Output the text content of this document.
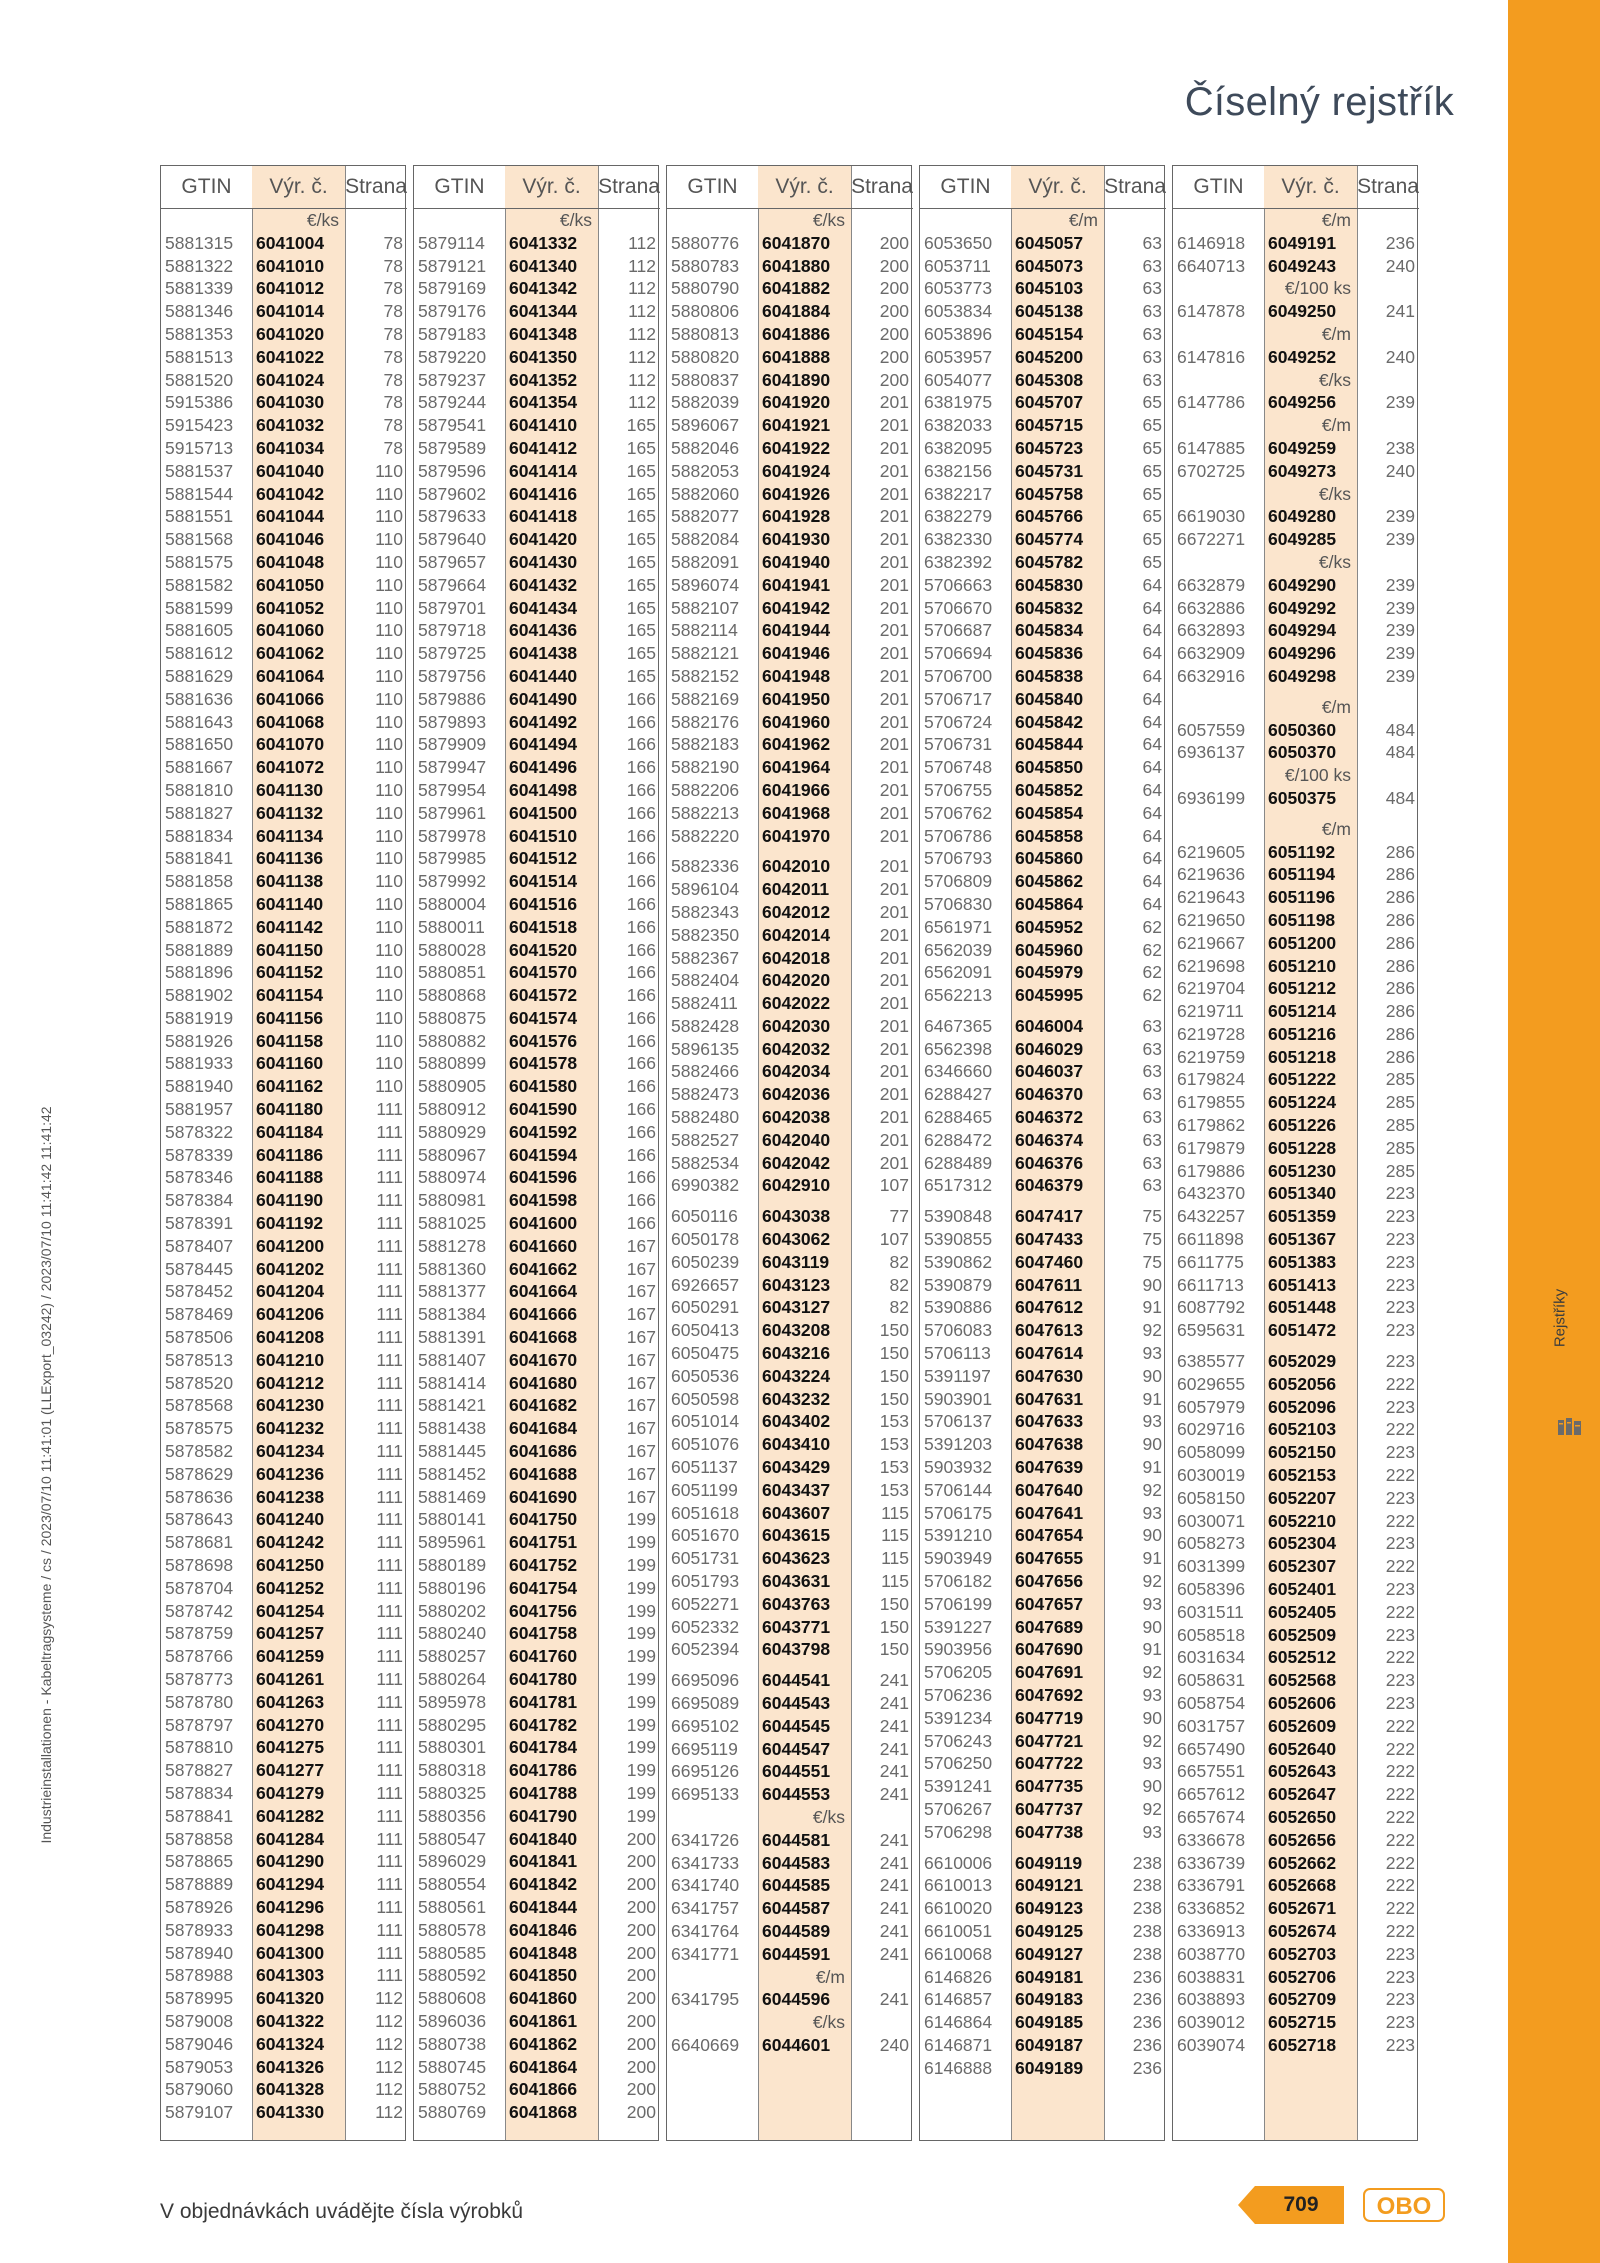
Rejstříky
Číselný rejstřík
Industrieinstallationen - Kabeltragsysteme / cs / 2023/07/10 11:41:01 (LLExport_03242) / 2023/07/10 11:41:42 11:41:42
GTIN	Výr. č.	Strana
€/ks		
5881315	6041004	78
5881322	6041010	78
5881339	6041012	78
5881346	6041014	78
5881353	6041020	78
5881513	6041022	78
5881520	6041024	78
5915386	6041030	78
5915423	6041032	78
5915713	6041034	78
5881537	6041040	110
5881544	6041042	110
5881551	6041044	110
5881568	6041046	110
5881575	6041048	110
5881582	6041050	110
5881599	6041052	110
5881605	6041060	110
5881612	6041062	110
5881629	6041064	110
5881636	6041066	110
5881643	6041068	110
5881650	6041070	110
5881667	6041072	110
5881810	6041130	110
5881827	6041132	110
5881834	6041134	110
5881841	6041136	110
5881858	6041138	110
5881865	6041140	110
5881872	6041142	110
5881889	6041150	110
5881896	6041152	110
5881902	6041154	110
5881919	6041156	110
5881926	6041158	110
5881933	6041160	110
5881940	6041162	110
5881957	6041180	111
5878322	6041184	111
5878339	6041186	111
5878346	6041188	111
5878384	6041190	111
5878391	6041192	111
5878407	6041200	111
5878445	6041202	111
5878452	6041204	111
5878469	6041206	111
5878506	6041208	111
5878513	6041210	111
5878520	6041212	111
5878568	6041230	111
5878575	6041232	111
5878582	6041234	111
5878629	6041236	111
5878636	6041238	111
5878643	6041240	111
5878681	6041242	111
5878698	6041250	111
5878704	6041252	111
5878742	6041254	111
5878759	6041257	111
5878766	6041259	111
5878773	6041261	111
5878780	6041263	111
5878797	6041270	111
5878810	6041275	111
5878827	6041277	111
5878834	6041279	111
5878841	6041282	111
5878858	6041284	111
5878865	6041290	111
5878889	6041294	111
5878926	6041296	111
5878933	6041298	111
5878940	6041300	111
5878988	6041303	111
5878995	6041320	112
5879008	6041322	112
5879046	6041324	112
5879053	6041326	112
5879060	6041328	112
5879107	6041330	112
GTIN	Výr. č.	Strana
€/ks		
5879114	6041332	112
5879121	6041340	112
5879169	6041342	112
5879176	6041344	112
5879183	6041348	112
5879220	6041350	112
5879237	6041352	112
5879244	6041354	112
5879541	6041410	165
5879589	6041412	165
5879596	6041414	165
5879602	6041416	165
5879633	6041418	165
5879640	6041420	165
5879657	6041430	165
5879664	6041432	165
5879701	6041434	165
5879718	6041436	165
5879725	6041438	165
5879756	6041440	165
5879886	6041490	166
5879893	6041492	166
5879909	6041494	166
5879947	6041496	166
5879954	6041498	166
5879961	6041500	166
5879978	6041510	166
5879985	6041512	166
5879992	6041514	166
5880004	6041516	166
5880011	6041518	166
5880028	6041520	166
5880851	6041570	166
5880868	6041572	166
5880875	6041574	166
5880882	6041576	166
5880899	6041578	166
5880905	6041580	166
5880912	6041590	166
5880929	6041592	166
5880967	6041594	166
5880974	6041596	166
5880981	6041598	166
5881025	6041600	166
5881278	6041660	167
5881360	6041662	167
5881377	6041664	167
5881384	6041666	167
5881391	6041668	167
5881407	6041670	167
5881414	6041680	167
5881421	6041682	167
5881438	6041684	167
5881445	6041686	167
5881452	6041688	167
5881469	6041690	167
5880141	6041750	199
5895961	6041751	199
5880189	6041752	199
5880196	6041754	199
5880202	6041756	199
5880240	6041758	199
5880257	6041760	199
5880264	6041780	199
5895978	6041781	199
5880295	6041782	199
5880301	6041784	199
5880318	6041786	199
5880325	6041788	199
5880356	6041790	199
5880547	6041840	200
5896029	6041841	200
5880554	6041842	200
5880561	6041844	200
5880578	6041846	200
5880585	6041848	200
5880592	6041850	200
5880608	6041860	200
5896036	6041861	200
5880738	6041862	200
5880745	6041864	200
5880752	6041866	200
5880769	6041868	200
GTIN	Výr. č.	Strana
€/ks		
5880776	6041870	200
5880783	6041880	200
5880790	6041882	200
5880806	6041884	200
5880813	6041886	200
5880820	6041888	200
5880837	6041890	200
5882039	6041920	201
5896067	6041921	201
5882046	6041922	201
5882053	6041924	201
5882060	6041926	201
5882077	6041928	201
5882084	6041930	201
5882091	6041940	201
5896074	6041941	201
5882107	6041942	201
5882114	6041944	201
5882121	6041946	201
5882152	6041948	201
5882169	6041950	201
5882176	6041960	201
5882183	6041962	201
5882190	6041964	201
5882206	6041966	201
5882213	6041968	201
5882220	6041970	201

5882336	6042010	201
5896104	6042011	201
5882343	6042012	201
5882350	6042014	201
5882367	6042018	201
5882404	6042020	201
5882411	6042022	201
5882428	6042030	201
5896135	6042032	201
5882466	6042034	201
5882473	6042036	201
5882480	6042038	201
5882527	6042040	201
5882534	6042042	201
6990382	6042910	107

6050116	6043038	77
6050178	6043062	107
6050239	6043119	82
6926657	6043123	82
6050291	6043127	82
6050413	6043208	150
6050475	6043216	150
6050536	6043224	150
6050598	6043232	150
6051014	6043402	153
6051076	6043410	153
6051137	6043429	153
6051199	6043437	153
6051618	6043607	115
6051670	6043615	115
6051731	6043623	115
6051793	6043631	115
6052271	6043763	150
6052332	6043771	150
6052394	6043798	150

6695096	6044541	241
6695089	6044543	241
6695102	6044545	241
6695119	6044547	241
6695126	6044551	241
6695133	6044553	241
€/ks		
6341726	6044581	241
6341733	6044583	241
6341740	6044585	241
6341757	6044587	241
6341764	6044589	241
6341771	6044591	241
€/m		
6341795	6044596	241
€/ks		
6640669	6044601	240
GTIN	Výr. č.	Strana
€/m		
6053650	6045057	63
6053711	6045073	63
6053773	6045103	63
6053834	6045138	63
6053896	6045154	63
6053957	6045200	63
6054077	6045308	63
6381975	6045707	65
6382033	6045715	65
6382095	6045723	65
6382156	6045731	65
6382217	6045758	65
6382279	6045766	65
6382330	6045774	65
6382392	6045782	65
5706663	6045830	64
5706670	6045832	64
5706687	6045834	64
5706694	6045836	64
5706700	6045838	64
5706717	6045840	64
5706724	6045842	64
5706731	6045844	64
5706748	6045850	64
5706755	6045852	64
5706762	6045854	64
5706786	6045858	64
5706793	6045860	64
5706809	6045862	64
5706830	6045864	64
6561971	6045952	62
6562039	6045960	62
6562091	6045979	62
6562213	6045995	62

6467365	6046004	63
6562398	6046029	63
6346660	6046037	63
6288427	6046370	63
6288465	6046372	63
6288472	6046374	63
6288489	6046376	63
6517312	6046379	63

5390848	6047417	75
5390855	6047433	75
5390862	6047460	75
5390879	6047611	90
5390886	6047612	91
5706083	6047613	92
5706113	6047614	93
5391197	6047630	90
5903901	6047631	91
5706137	6047633	93
5391203	6047638	90
5903932	6047639	91
5706144	6047640	92
5706175	6047641	93
5391210	6047654	90
5903949	6047655	91
5706182	6047656	92
5706199	6047657	93
5391227	6047689	90
5903956	6047690	91
5706205	6047691	92
5706236	6047692	93
5391234	6047719	90
5706243	6047721	92
5706250	6047722	93
5391241	6047735	90
5706267	6047737	92
5706298	6047738	93

6610006	6049119	238
6610013	6049121	238
6610020	6049123	238
6610051	6049125	238
6610068	6049127	238
6146826	6049181	236
6146857	6049183	236
6146864	6049185	236
6146871	6049187	236
6146888	6049189	236
GTIN	Výr. č.	Strana
€/m		
6146918	6049191	236
6640713	6049243	240
€/100 ks		
6147878	6049250	241
€/m		
6147816	6049252	240
€/ks		
6147786	6049256	239
€/m		
6147885	6049259	238
6702725	6049273	240
€/ks		
6619030	6049280	239
6672271	6049285	239
€/ks		
6632879	6049290	239
6632886	6049292	239
6632893	6049294	239
6632909	6049296	239
6632916	6049298	239

€/m		
6057559	6050360	484
6936137	6050370	484
€/100 ks		
6936199	6050375	484

€/m		
6219605	6051192	286
6219636	6051194	286
6219643	6051196	286
6219650	6051198	286
6219667	6051200	286
6219698	6051210	286
6219704	6051212	286
6219711	6051214	286
6219728	6051216	286
6219759	6051218	286
6179824	6051222	285
6179855	6051224	285
6179862	6051226	285
6179879	6051228	285
6179886	6051230	285
6432370	6051340	223
6432257	6051359	223
6611898	6051367	223
6611775	6051383	223
6611713	6051413	223
6087792	6051448	223
6595631	6051472	223

6385577	6052029	223
6029655	6052056	222
6057979	6052096	223
6029716	6052103	222
6058099	6052150	223
6030019	6052153	222
6058150	6052207	223
6030071	6052210	222
6058273	6052304	223
6031399	6052307	222
6058396	6052401	223
6031511	6052405	222
6058518	6052509	223
6031634	6052512	222
6058631	6052568	223
6058754	6052606	223
6031757	6052609	222
6657490	6052640	222
6657551	6052643	222
6657612	6052647	222
6657674	6052650	222
6336678	6052656	222
6336739	6052662	222
6336791	6052668	222
6336852	6052671	222
6336913	6052674	222
6038770	6052703	223
6038831	6052706	223
6038893	6052709	223
6039012	6052715	223
6039074	6052718	223
V objednávkách uvádějte čísla výrobků	709	OBO
